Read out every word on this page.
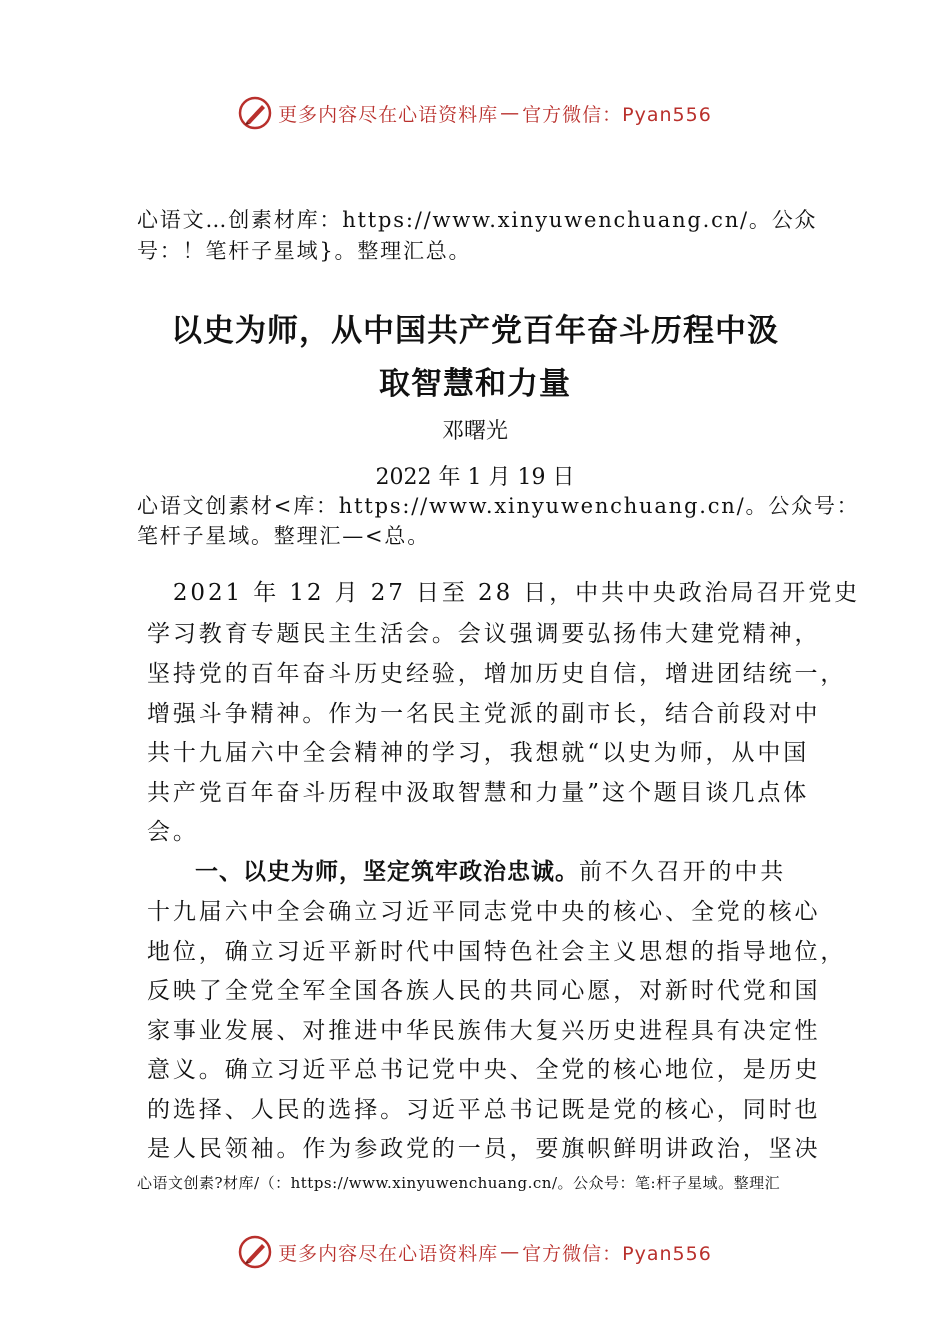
更多内容尽在心语资料库 — 官方微信：Pyan556
心语文…创素材库：https://www.xinyuwenchuang.cn/。公众
号：！笔杆子星域}。整理汇总。
以史为师，从中国共产党百年奋斗历程中汲
取智慧和力量
邓曙光
2022 年 1 月 19 日
心语文创素材<库：https://www.xinyuwenchuang.cn/。公众号：
笔杆子星域。整理汇—<总。
　2021 年 12 月 27 日至 28 日，中共中央政治局召开党史
学习教育专题民主生活会。会议强调要弘扬伟大建党精神，
坚持党的百年奋斗历史经验，增加历史自信，增进团结统一，
增强斗争精神。作为一名民主党派的副市长，结合前段对中
共十九届六中全会精神的学习，我想就“以史为师，从中国
共产党百年奋斗历程中汲取智慧和力量”这个题目谈几点体
会。
一、以史为师，坚定筑牢政治忠诚。前不久召开的中共
十九届六中全会确立习近平同志党中央的核心、全党的核心
地位，确立习近平新时代中国特色社会主义思想的指导地位，
反映了全党全军全国各族人民的共同心愿，对新时代党和国
家事业发展、对推进中华民族伟大复兴历史进程具有决定性
意义。确立习近平总书记党中央、全党的核心地位，是历史
的选择、人民的选择。习近平总书记既是党的核心，同时也
是人民领袖。作为参政党的一员，要旗帜鲜明讲政治，坚决
心语文创素?材库/（：https://www.xinyuwenchuang.cn/。公众号：笔:杆子星域。整理汇
更多内容尽在心语资料库 — 官方微信：Pyan556
